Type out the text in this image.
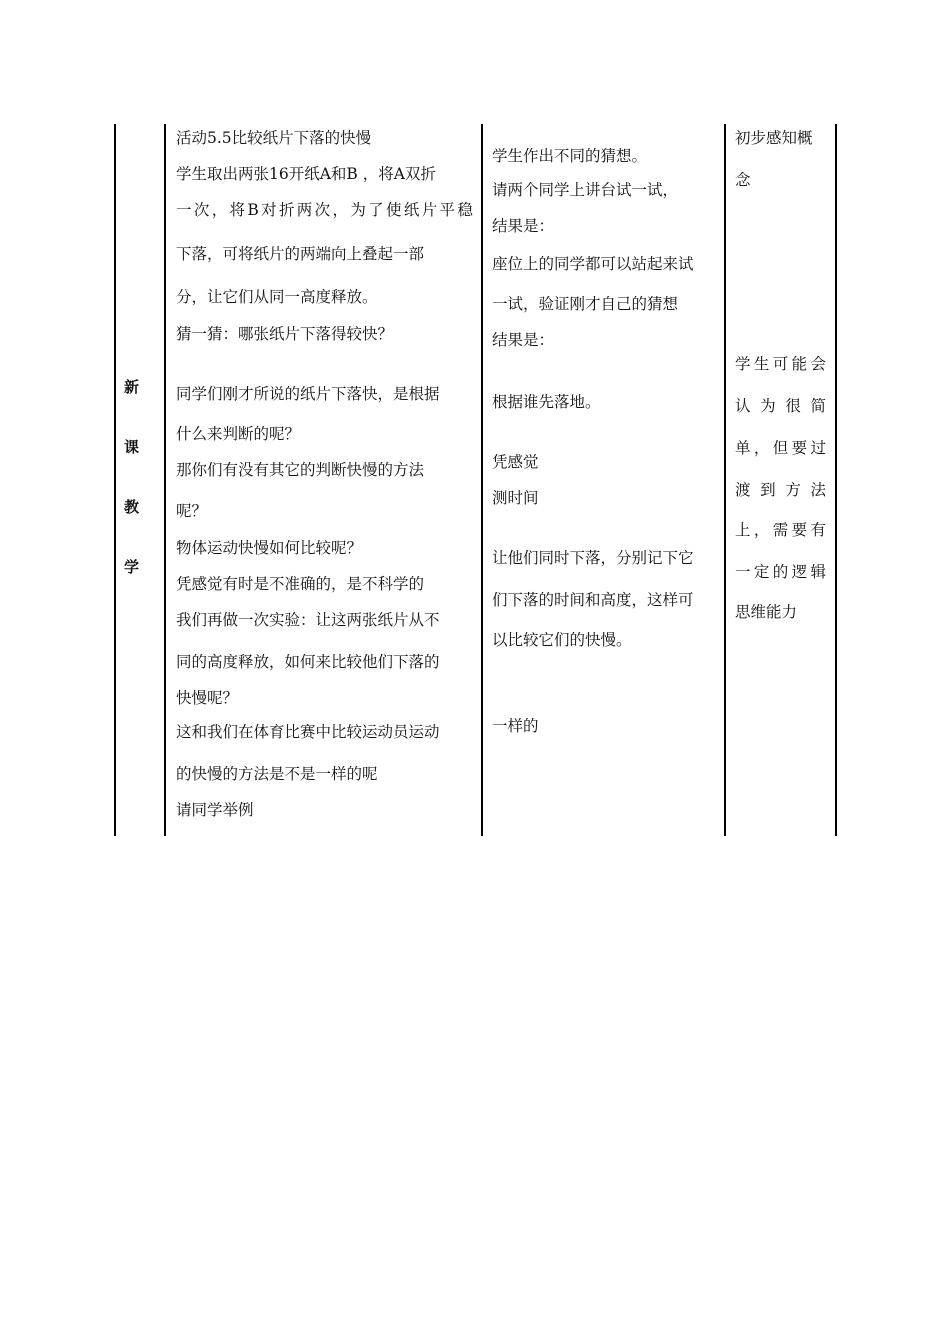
新
课
教
学
活动5.5比较纸片下落的快慢
学生取出两张16开纸A和B ，将A双折
一 次 ， 将 B 对 折 两 次 ， 为 了 使 纸 片 平 稳
下落，可将纸片的两端向上叠起一部
分，让它们从同一高度释放。
猜一猜：哪张纸片下落得较快？
同学们刚才所说的纸片下落快，是根据
什么来判断的呢？
那你们有没有其它的判断快慢的方法
呢？
物体运动快慢如何比较呢？
凭感觉有时是不准确的，是不科学的
我们再做一次实验：让这两张纸片从不
同的高度释放，如何来比较他们下落的
快慢呢？
这和我们在体育比赛中比较运动员运动
的快慢的方法是不是一样的呢
请同学举例
学生作出不同的猜想。
请两个同学上讲台试一试，
结果是：
座位上的同学都可以站起来试
一试，验证刚才自己的猜想
结果是：
根据谁先落地。
凭感觉
测时间
让他们同时下落，分别记下它
们下落的时间和高度，这样可
以比较它们的快慢。
一样的
初步感知概
念
学 生 可 能 会
认 为 很 简
单 ， 但 要 过
渡 到 方 法
上 ， 需 要 有
一 定 的 逻 辑
思维能力
